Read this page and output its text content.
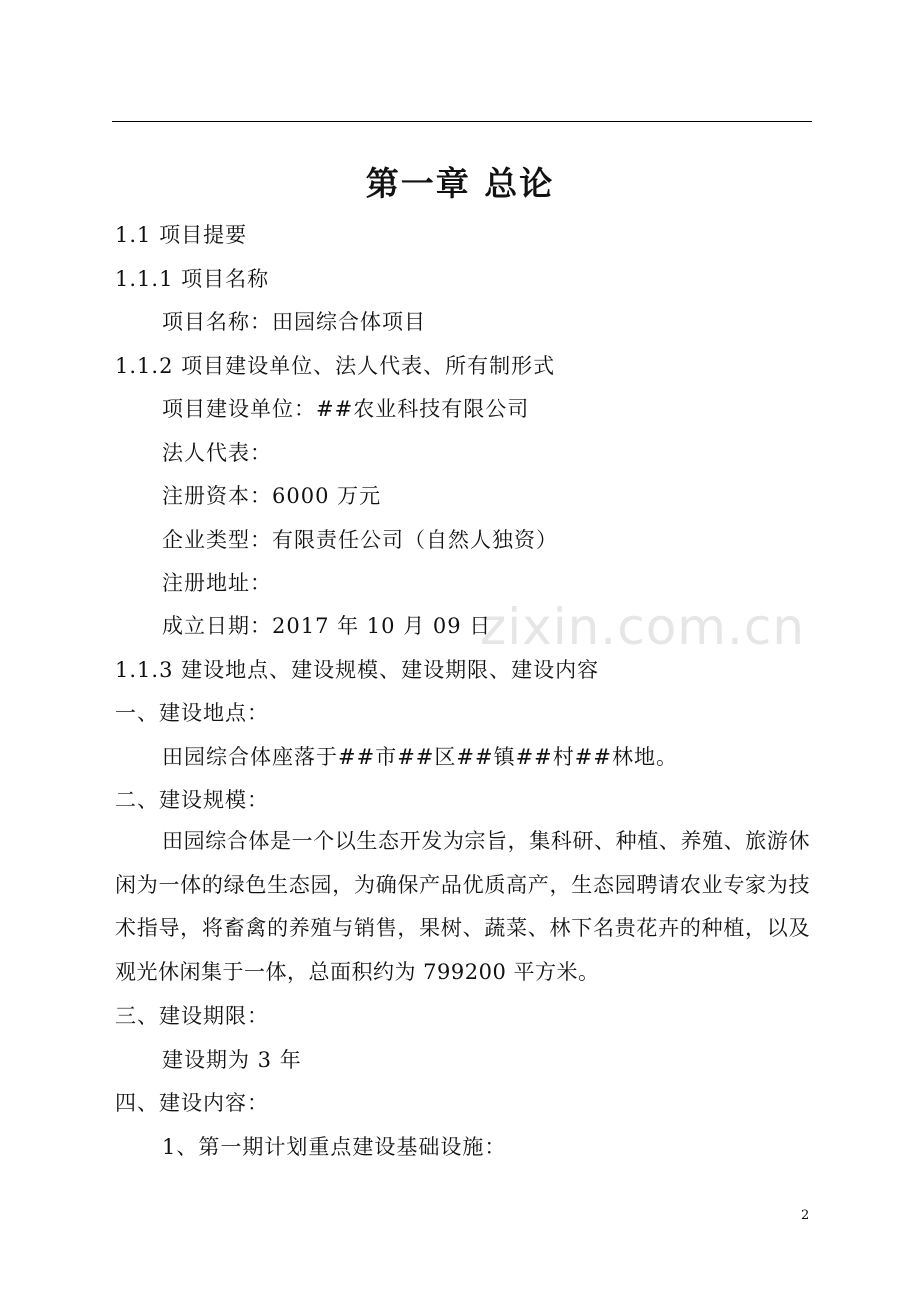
zixin.com.cn
第一章 总论
1.1 项目提要
1.1.1 项目名称
项目名称：田园综合体项目
1.1.2 项目建设单位、法人代表、所有制形式
项目建设单位：##农业科技有限公司
法人代表：
注册资本：6000 万元
企业类型：有限责任公司（自然人独资）
注册地址：
成立日期：2017 年 10 月 09 日
1.1.3 建设地点、建设规模、建设期限、建设内容
一、建设地点：
田园综合体座落于##市##区##镇##村##林地。
二、建设规模：
田园综合体是一个以生态开发为宗旨，集科研、种植、养殖、旅游休闲为一体的绿色生态园，为确保产品优质高产，生态园聘请农业专家为技术指导，将畜禽的养殖与销售，果树、蔬菜、林下名贵花卉的种植，以及观光休闲集于一体，总面积约为 799200 平方米。
三、建设期限：
建设期为 3 年
四、建设内容：
1、第一期计划重点建设基础设施：
2
